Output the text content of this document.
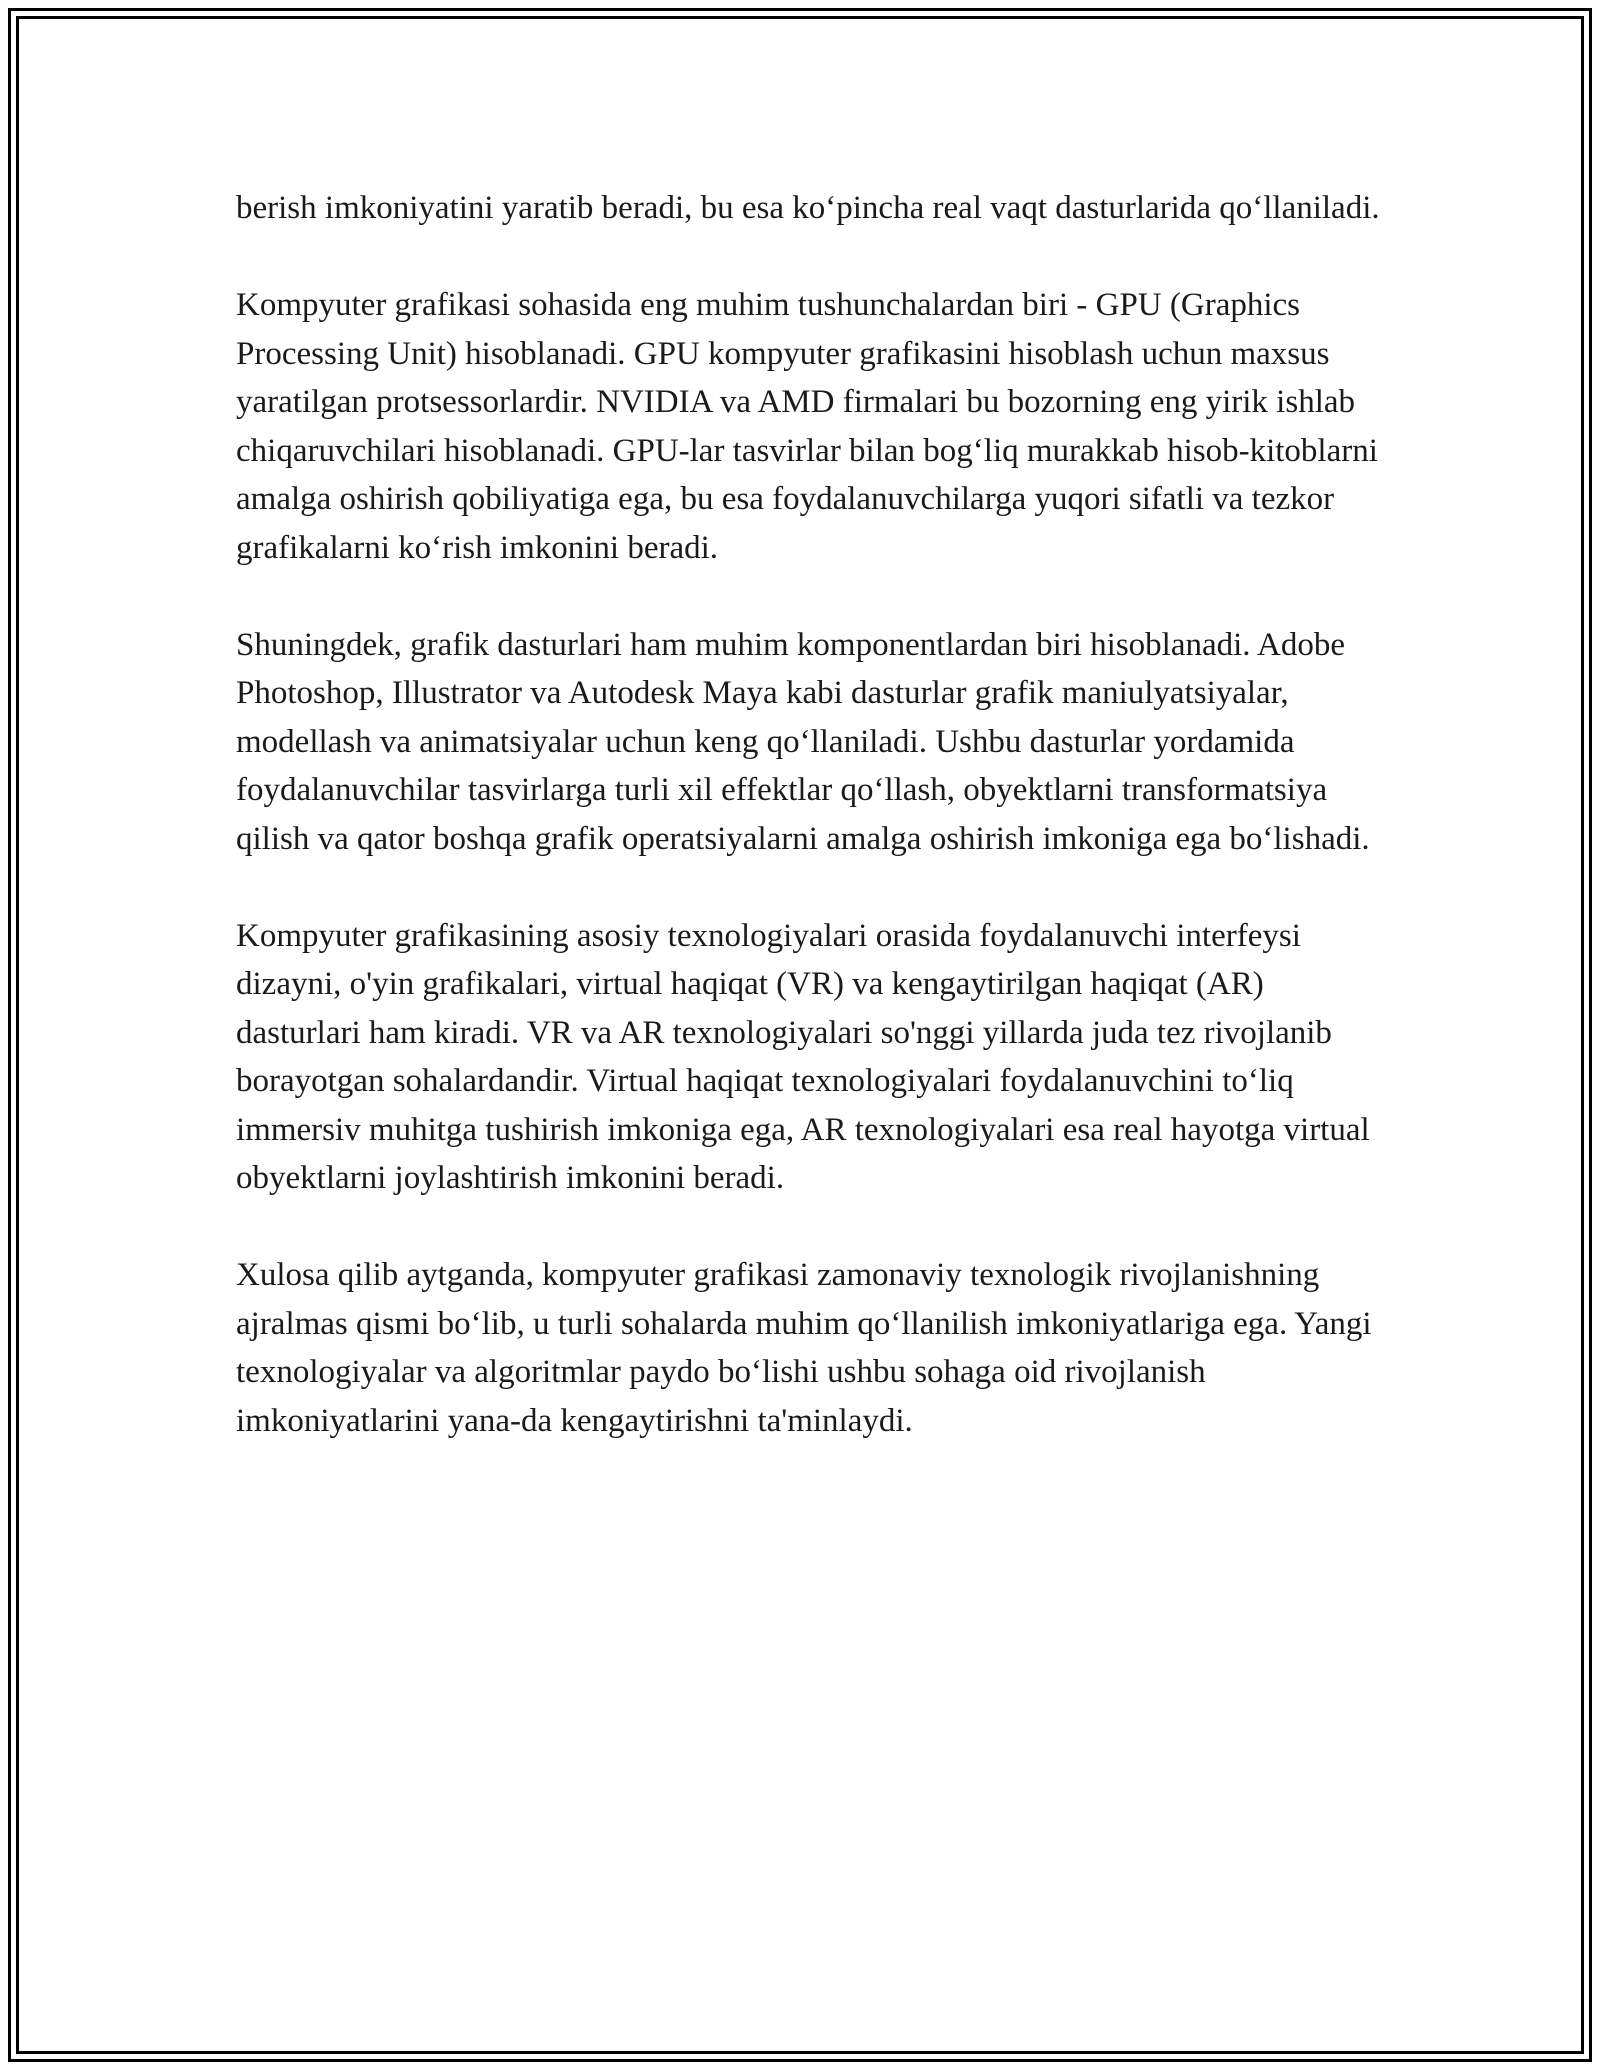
berish imkoniyatini yaratib beradi, bu esa ko‘pincha real vaqt dasturlarida qo‘llaniladi.

Kompyuter grafikasi sohasida eng muhim tushunchalardan biri - GPU (Graphics Processing Unit) hisoblanadi. GPU kompyuter grafikasini hisoblash uchun maxsus yaratilgan protsessorlardir. NVIDIA va AMD firmalari bu bozorning eng yirik ishlab chiqaruvchilari hisoblanadi. GPU-lar tasvirlar bilan bog‘liq murakkab hisob-kitoblarni amalga oshirish qobiliyatiga ega, bu esa foydalanuvchilarga yuqori sifatli va tezkor grafikalarni ko‘rish imkonini beradi.

Shuningdek, grafik dasturlari ham muhim komponentlardan biri hisoblanadi. Adobe Photoshop, Illustrator va Autodesk Maya kabi dasturlar grafik maniulyatsiyalar, modellash va animatsiyalar uchun keng qo‘llaniladi. Ushbu dasturlar yordamida foydalanuvchilar tasvirlarga turli xil effektlar qo‘llash, obyektlarni transformatsiya qilish va qator boshqa grafik operatsiyalarni amalga oshirish imkoniga ega bo‘lishadi.

Kompyuter grafikasining asosiy texnologiyalari orasida foydalanuvchi interfeysi dizayni, o'yin grafikalari, virtual haqiqat (VR) va kengaytirilgan haqiqat (AR) dasturlari ham kiradi. VR va AR texnologiyalari so'nggi yillarda juda tez rivojlanib borayotgan sohalardandir. Virtual haqiqat texnologiyalari foydalanuvchini to‘liq immersiv muhitga tushirish imkoniga ega, AR texnologiyalari esa real hayotga virtual obyektlarni joylashtirish imkonini beradi.

Xulosa qilib aytganda, kompyuter grafikasi zamonaviy texnologik rivojlanishning ajralmas qismi bo‘lib, u turli sohalarda muhim qo‘llanilish imkoniyatlariga ega. Yangi texnologiyalar va algoritmlar paydo bo‘lishi ushbu sohaga oid rivojlanish imkoniyatlarini yana-da kengaytirishni ta'minlaydi.
